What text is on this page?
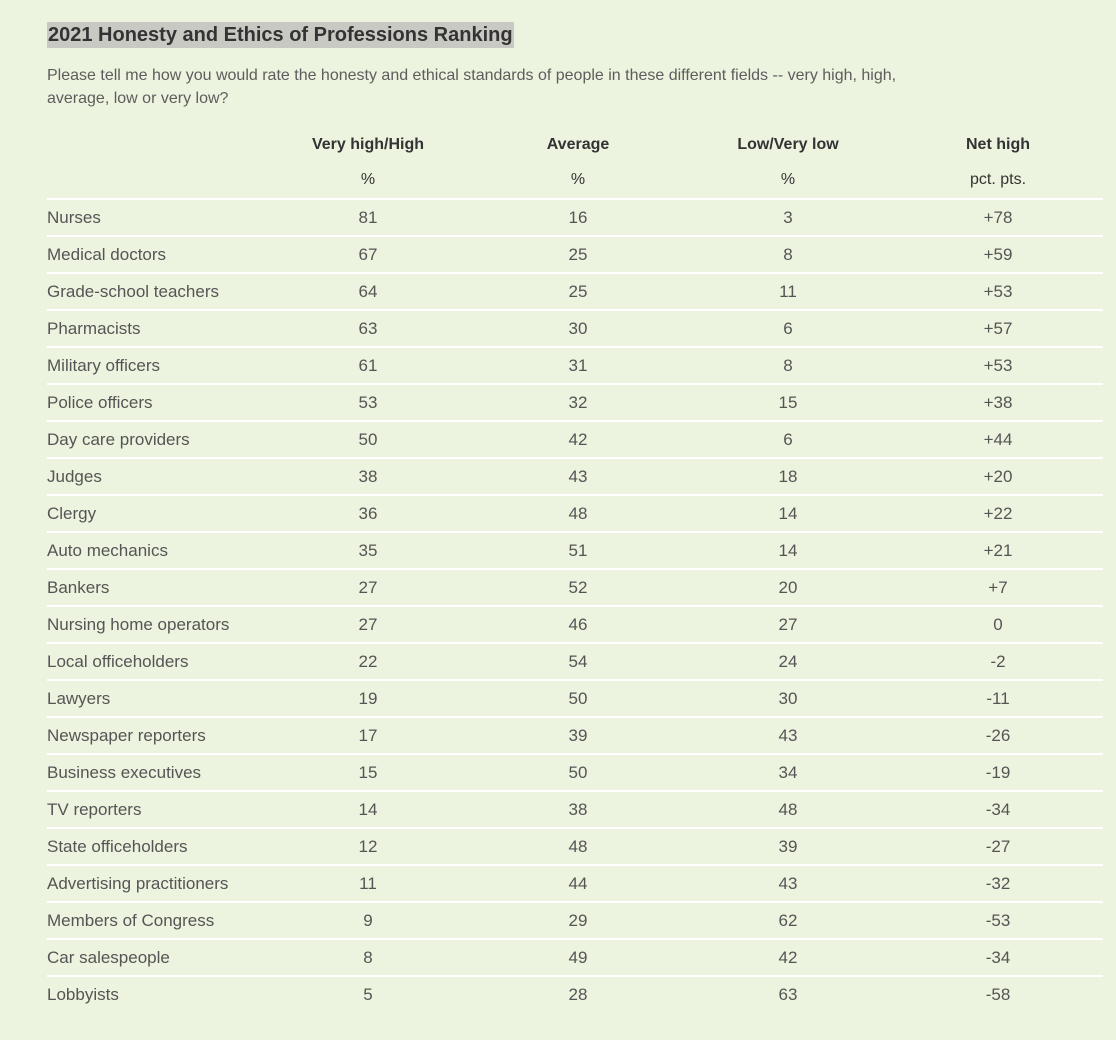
2021 Honesty and Ethics of Professions Ranking
Please tell me how you would rate the honesty and ethical standards of people in these different fields -- very high, high, average, low or very low?
	Very high/High	Average	Low/Very low	Net high
	%	%	%	pct. pts.
Nurses	81	16	3	+78
Medical doctors	67	25	8	+59
Grade-school teachers	64	25	11	+53
Pharmacists	63	30	6	+57
Military officers	61	31	8	+53
Police officers	53	32	15	+38
Day care providers	50	42	6	+44
Judges	38	43	18	+20
Clergy	36	48	14	+22
Auto mechanics	35	51	14	+21
Bankers	27	52	20	+7
Nursing home operators	27	46	27	0
Local officeholders	22	54	24	-2
Lawyers	19	50	30	-11
Newspaper reporters	17	39	43	-26
Business executives	15	50	34	-19
TV reporters	14	38	48	-34
State officeholders	12	48	39	-27
Advertising practitioners	11	44	43	-32
Members of Congress	9	29	62	-53
Car salespeople	8	49	42	-34
Lobbyists	5	28	63	-58
